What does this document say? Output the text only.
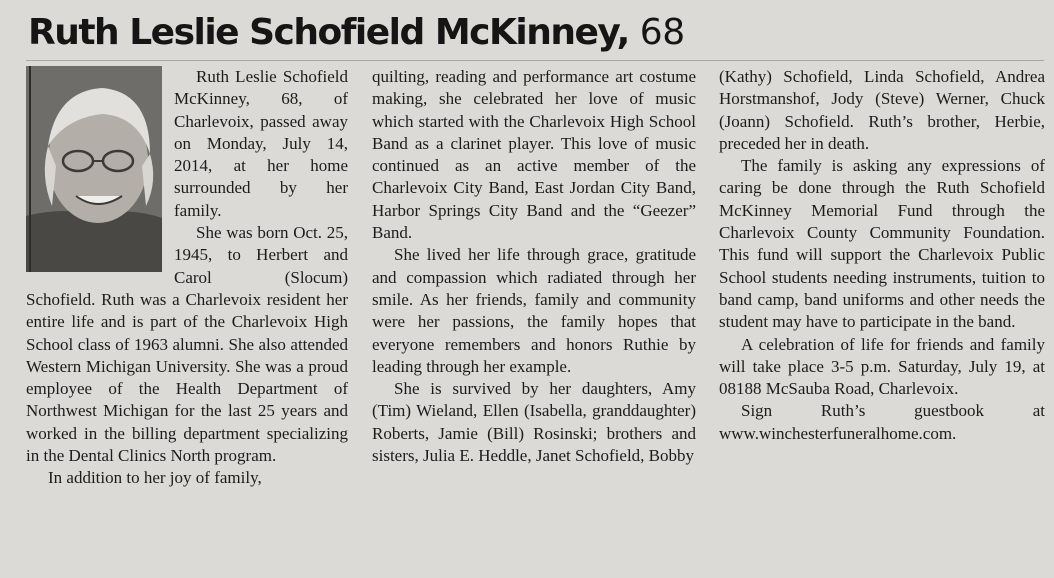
Ruth Leslie Schofield McKinney, 68

Ruth Leslie Schofield McKinney, 68, of Charlevoix, passed away on Monday, July 14, 2014, at her home surrounded by her family.

She was born Oct. 25, 1945, to Herbert and Carol (Slocum) Schofield. Ruth was a Charlevoix resident her entire life and is part of the Charlevoix High School class of 1963 alumni. She also attended Western Michigan University. She was a proud employee of the Health Department of Northwest Michigan for the last 25 years and worked in the billing department specializing in the Dental Clinics North program.

In addition to her joy of family,

quilting, reading and performance art costume making, she celebrated her love of music which started with the Charlevoix High School Band as a clarinet player. This love of music continued as an active member of the Charlevoix City Band, East Jordan City Band, Harbor Springs City Band and the “Geezer” Band.

She lived her life through grace, gratitude and compassion which radiated through her smile. As her friends, family and community were her passions, the family hopes that everyone remembers and honors Ruthie by leading through her example.

She is survived by her daughters, Amy (Tim) Wieland, Ellen (Isabella, granddaughter) Roberts, Jamie (Bill) Rosinski; brothers and sisters, Julia E. Heddle, Janet Schofield, Bobby

(Kathy) Schofield, Linda Schofield, Andrea Horstmanshof, Jody (Steve) Werner, Chuck (Joann) Schofield. Ruth’s brother, Herbie, preceded her in death.

The family is asking any expressions of caring be done through the Ruth Schofield McKinney Memorial Fund through the Charlevoix County Community Foundation. This fund will support the Charlevoix Public School students needing instruments, tuition to band camp, band uniforms and other needs the student may have to participate in the band.

A celebration of life for friends and family will take place 3-5 p.m. Saturday, July 19, at 08188 McSauba Road, Charlevoix.

Sign Ruth’s guestbook at www.winchesterfuneralhome.com.
